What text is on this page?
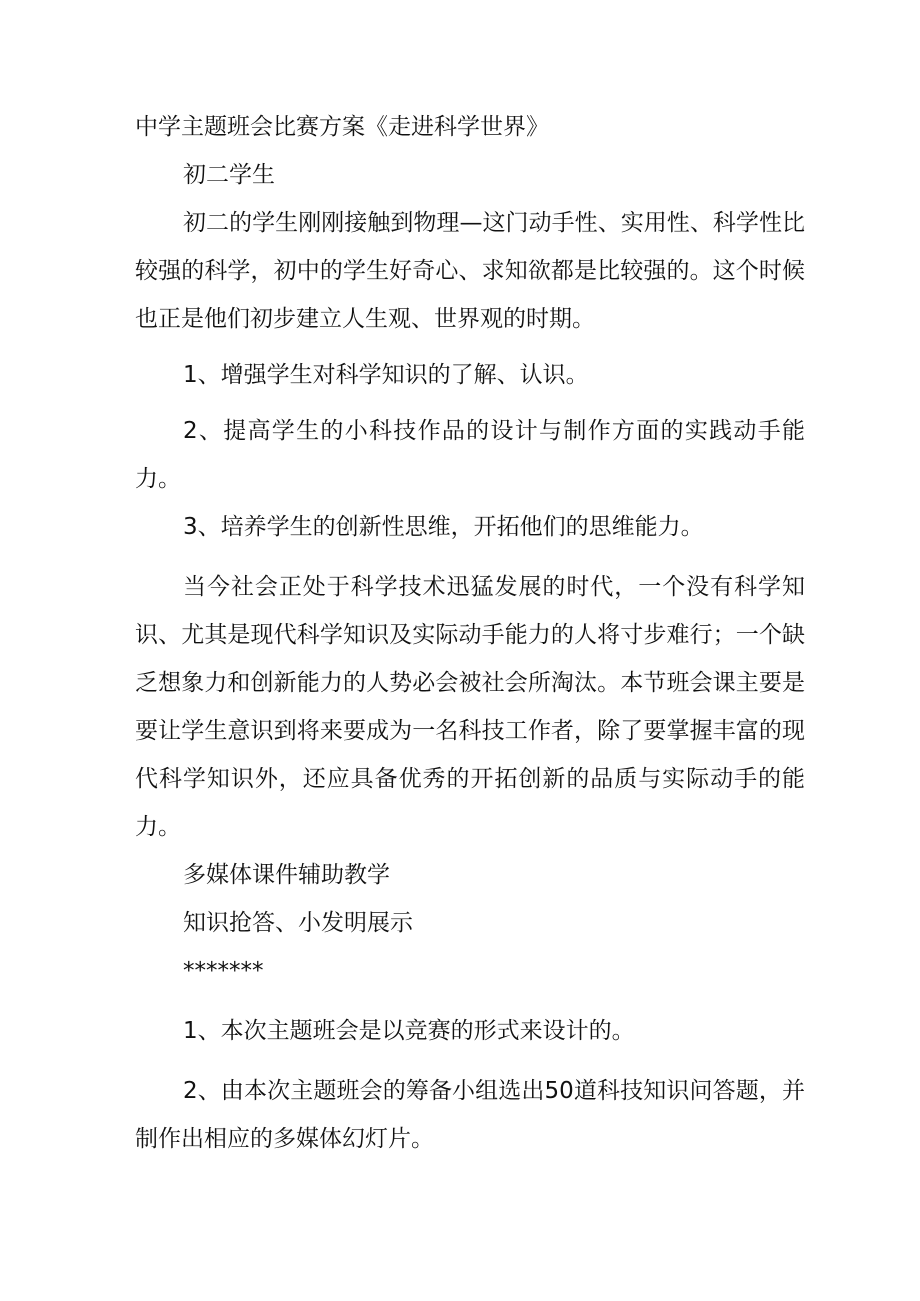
中学主题班会比赛方案《走进科学世界》

初二学生

初二的学生刚刚接触到物理—这门动手性、实用性、科学性比较强的科学，初中的学生好奇心、求知欲都是比较强的。这个时候也正是他们初步建立人生观、世界观的时期。

1、增强学生对科学知识的了解、认识。

2、提高学生的小科技作品的设计与制作方面的实践动手能力。

3、培养学生的创新性思维，开拓他们的思维能力。

当今社会正处于科学技术迅猛发展的时代，一个没有科学知识、尤其是现代科学知识及实际动手能力的人将寸步难行；一个缺乏想象力和创新能力的人势必会被社会所淘汰。本节班会课主要是要让学生意识到将来要成为一名科技工作者，除了要掌握丰富的现代科学知识外，还应具备优秀的开拓创新的品质与实际动手的能力。

多媒体课件辅助教学

知识抢答、小发明展示

*******

1、本次主题班会是以竞赛的形式来设计的。

2、由本次主题班会的筹备小组选出50道科技知识问答题，并制作出相应的多媒体幻灯片。
